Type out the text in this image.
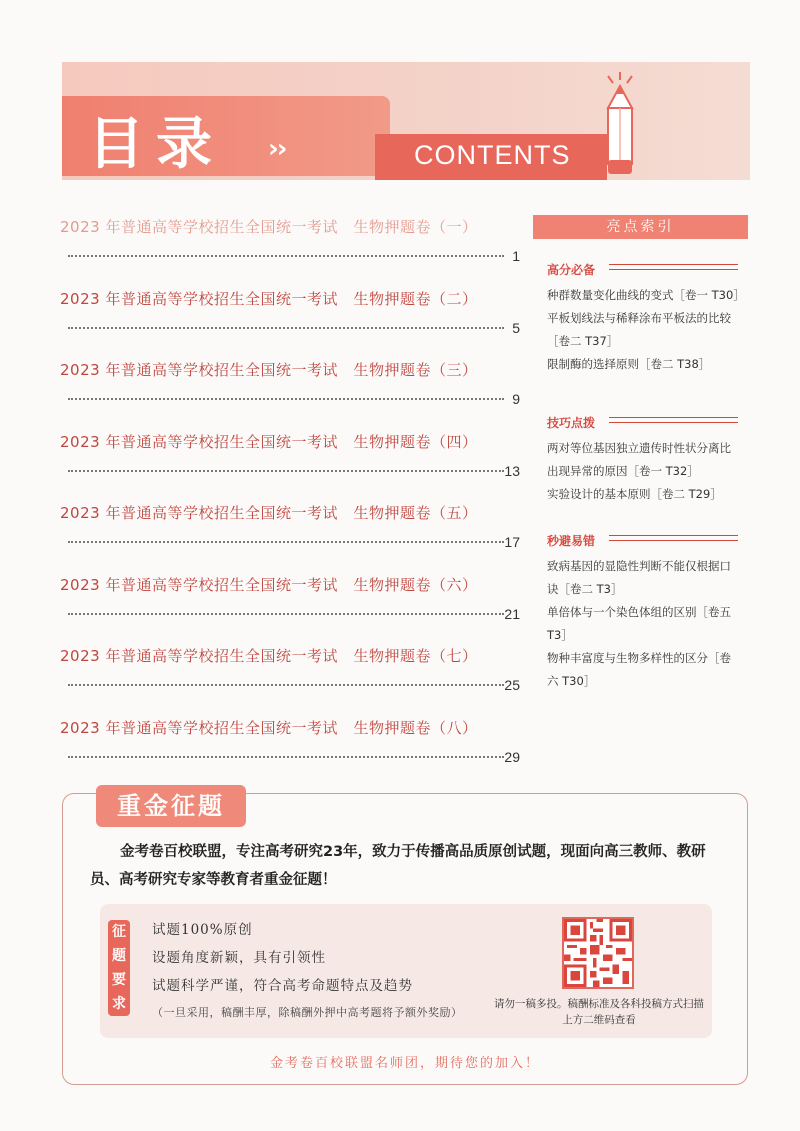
目录 ››	CONTENTS
2023 年普通高等学校招生全国统一考试　生物押题卷（一）
1
2023 年普通高等学校招生全国统一考试　生物押题卷（二）
5
2023 年普通高等学校招生全国统一考试　生物押题卷（三）
9
2023 年普通高等学校招生全国统一考试　生物押题卷（四）
13
2023 年普通高等学校招生全国统一考试　生物押题卷（五）
17
2023 年普通高等学校招生全国统一考试　生物押题卷（六）
21
2023 年普通高等学校招生全国统一考试　生物押题卷（七）
25
2023 年普通高等学校招生全国统一考试　生物押题卷（八）
29
亮点索引
高分必备
种群数量变化曲线的变式［卷一 T30］
平板划线法与稀释涂布平板法的比较［卷二 T37］
限制酶的选择原则［卷二 T38］
技巧点拨
两对等位基因独立遗传时性状分离比出现异常的原因［卷一 T32］
实验设计的基本原则［卷二 T29］
秒避易错
致病基因的显隐性判断不能仅根据口诀［卷二 T3］
单倍体与一个染色体组的区别［卷五 T3］
物种丰富度与生物多样性的区分［卷六 T30］
重金征题
金考卷百校联盟，专注高考研究23年，致力于传播高品质原创试题，现面向高三教师、教研员、高考研究专家等教育者重金征题！
征
题
要
求
试题100%原创
设题角度新颖，具有引领性
试题科学严谨，符合高考命题特点及趋势
（一旦采用，稿酬丰厚，除稿酬外押中高考题将予额外奖励）
请勿一稿多投。稿酬标准及各科投稿方式扫描上方二维码查看
金考卷百校联盟名师团，期待您的加入！
